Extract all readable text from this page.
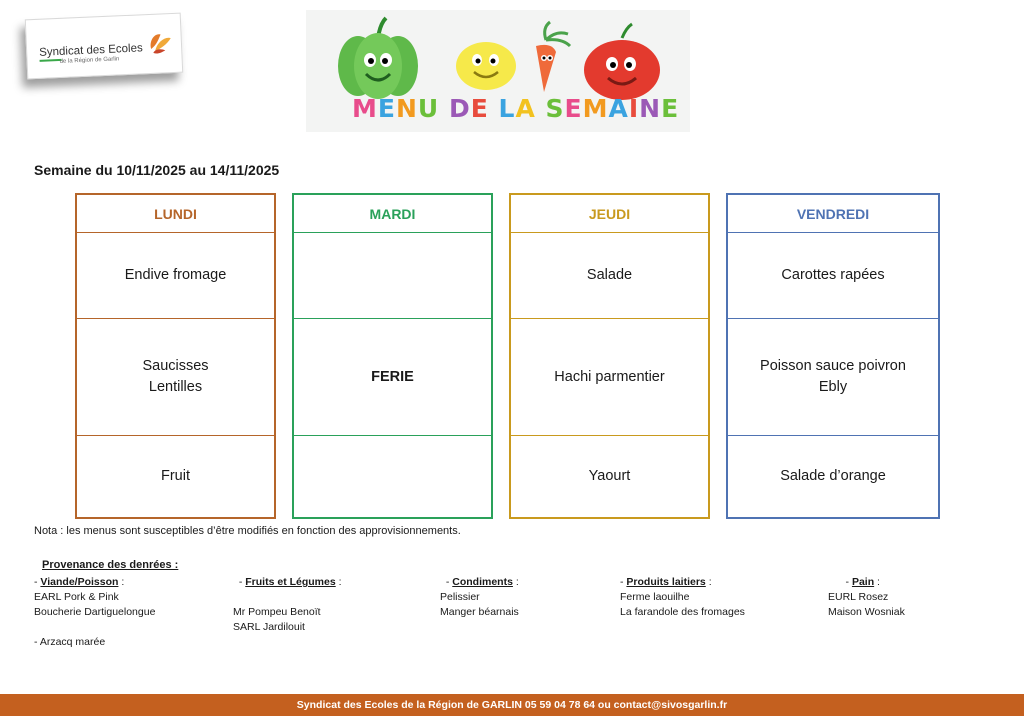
Syndicat des Ecoles
de la Région de Garlin
MENU DE LA SEMAINE
Semaine du 10/11/2025 au 14/11/2025
LUNDI
Endive fromage
Saucisses
Lentilles
Fruit
MARDI
FERIE
JEUDI
Salade
Hachi parmentier
Yaourt
VENDREDI
Carottes rapées
Poisson sauce poivron
Ebly
Salade d’orange
Nota : les menus sont susceptibles d’être modifiés en fonction des approvisionnements.
Provenance des denrées :
- Viande/Poisson :
EARL Pork & Pink
Boucherie Dartiguelongue

- Arzacq marée
- Fruits et Légumes :

Mr Pompeu Benoït
SARL Jardilouit
- Condiments :
Pelissier
Manger béarnais
- Produits laitiers :
Ferme laouilhe
La farandole des fromages
- Pain :
EURL Rosez
Maison Wosniak
Syndicat des Ecoles de la Région de GARLIN 05 59 04 78 64 ou contact@sivosgarlin.fr
